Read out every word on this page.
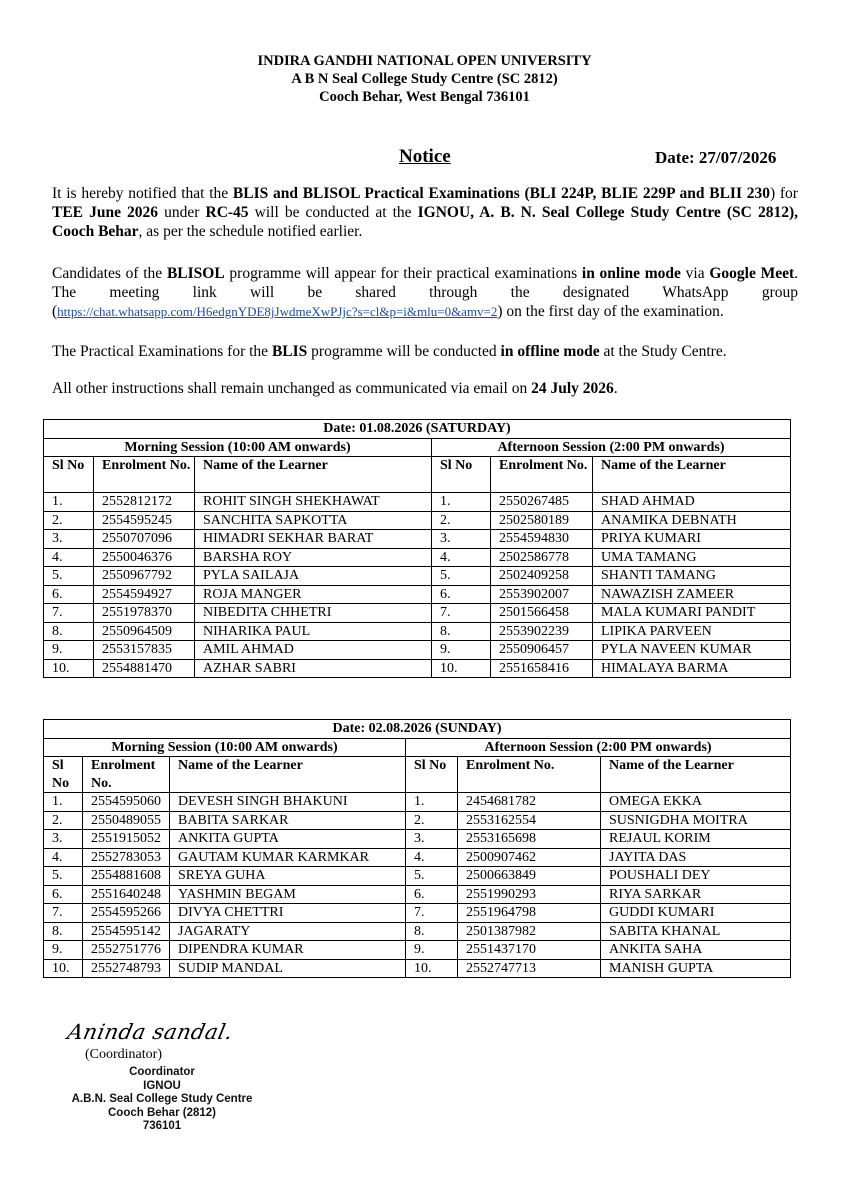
INDIRA GANDHI NATIONAL OPEN UNIVERSITY
A B N Seal College Study Centre (SC 2812)
Cooch Behar, West Bengal 736101
Notice	Date: 27/07/2026
It is hereby notified that the BLIS and BLISOL Practical Examinations (BLI 224P, BLIE 229P and BLII 230) for TEE June 2026 under RC-45 will be conducted at the IGNOU, A. B. N. Seal College Study Centre (SC 2812), Cooch Behar, as per the schedule notified earlier.
Candidates of the BLISOL programme will appear for their practical examinations in online mode via Google Meet. The meeting link will be shared through the designated WhatsApp group (https://chat.whatsapp.com/H6edgnYDE8jJwdmeXwPJjc?s=cl&p=i&mlu=0&amv=2) on the first day of the examination.
The Practical Examinations for the BLIS programme will be conducted in offline mode at the Study Centre.
All other instructions shall remain unchanged as communicated via email on 24 July 2026.
Date: 01.08.2026 (SATURDAY)					
Morning Session (10:00 AM onwards)			Afternoon Session (2:00 PM onwards)		
Sl No	Enrolment No.	Name of the Learner	Sl No	Enrolment No.	Name of the Learner
1.	2552812172	ROHIT SINGH SHEKHAWAT	1.	2550267485	SHAD AHMAD
2.	2554595245	SANCHITA SAPKOTTA	2.	2502580189	ANAMIKA DEBNATH
3.	2550707096	HIMADRI SEKHAR BARAT	3.	2554594830	PRIYA KUMARI
4.	2550046376	BARSHA ROY	4.	2502586778	UMA TAMANG
5.	2550967792	PYLA SAILAJA	5.	2502409258	SHANTI TAMANG
6.	2554594927	ROJA MANGER	6.	2553902007	NAWAZISH ZAMEER
7.	2551978370	NIBEDITA CHHETRI	7.	2501566458	MALA KUMARI PANDIT
8.	2550964509	NIHARIKA PAUL	8.	2553902239	LIPIKA PARVEEN
9.	2553157835	AMIL AHMAD	9.	2550906457	PYLA NAVEEN KUMAR
10.	2554881470	AZHAR SABRI	10.	2551658416	HIMALAYA BARMA
Date: 02.08.2026 (SUNDAY)					
Morning Session (10:00 AM onwards)			Afternoon Session (2:00 PM onwards)		
Sl No	Enrolment No.	Name of the Learner	Sl No	Enrolment No.	Name of the Learner
1.	2554595060	DEVESH SINGH BHAKUNI	1.	2454681782	OMEGA EKKA
2.	2550489055	BABITA SARKAR	2.	2553162554	SUSNIGDHA MOITRA
3.	2551915052	ANKITA GUPTA	3.	2553165698	REJAUL KORIM
4.	2552783053	GAUTAM KUMAR KARMKAR	4.	2500907462	JAYITA DAS
5.	2554881608	SREYA GUHA	5.	2500663849	POUSHALI DEY
6.	2551640248	YASHMIN BEGAM	6.	2551990293	RIYA SARKAR
7.	2554595266	DIVYA CHETTRI	7.	2551964798	GUDDI KUMARI
8.	2554595142	JAGARATY	8.	2501387982	SABITA KHANAL
9.	2552751776	DIPENDRA KUMAR	9.	2551437170	ANKITA SAHA
10.	2552748793	SUDIP MANDAL	10.	2552747713	MANISH GUPTA
Aninda sandal.
(Coordinator)
Coordinator
IGNOU
A.B.N. Seal College Study Centre
Cooch Behar (2812)
736101
